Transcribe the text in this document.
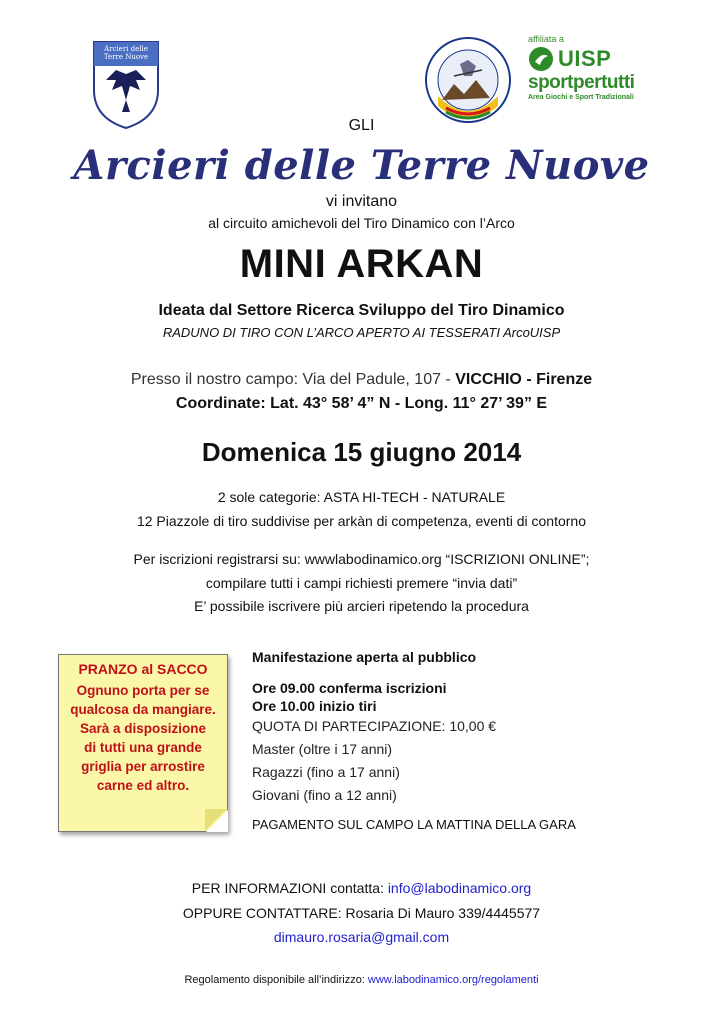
Arcieri delle Terre Nuove
affiliata a
UISP
sportpertutti
Area Giochi e Sport Tradizionali
GLI
Arcieri delle Terre Nuove
vi invitano
al circuito amichevoli del Tiro Dinamico con l’Arco
MINI ARKAN
Ideata dal Settore Ricerca Sviluppo del Tiro Dinamico
RADUNO DI TIRO CON L’ARCO APERTO AI TESSERATI ArcoUISP
Presso il nostro campo: Via del Padule, 107 - VICCHIO - Firenze
Coordinate: Lat. 43° 58’ 4” N - Long. 11° 27’ 39” E
Domenica 15 giugno 2014
2 sole categorie: ASTA HI-TECH - NATURALE
12 Piazzole di tiro suddivise per arkàn di competenza, eventi di contorno
Per iscrizioni registrarsi su: wwwlabodinamico.org “ISCRIZIONI ONLINE”;
compilare tutti i campi richiesti premere “invia dati”
E’ possibile iscrivere più arcieri ripetendo la procedura
PRANZO al SACCO
Ognuno porta per se
qualcosa da mangiare.
Sarà a disposizione
di tutti una grande
griglia per arrostire
carne ed altro.
Manifestazione aperta al pubblico
Ore 09.00 conferma iscrizioni
Ore 10.00 inizio tiri
QUOTA DI PARTECIPAZIONE: 10,00 €
Master (oltre i 17 anni)
Ragazzi (fino a 17 anni)
Giovani (fino a 12 anni)
PAGAMENTO SUL CAMPO LA MATTINA DELLA GARA
PER INFORMAZIONI contatta: info@labodinamico.org
OPPURE CONTATTARE: Rosaria Di Mauro 339/4445577
dimauro.rosaria@gmail.com
Regolamento disponibile all’indirizzo: www.labodinamico.org/regolamenti
